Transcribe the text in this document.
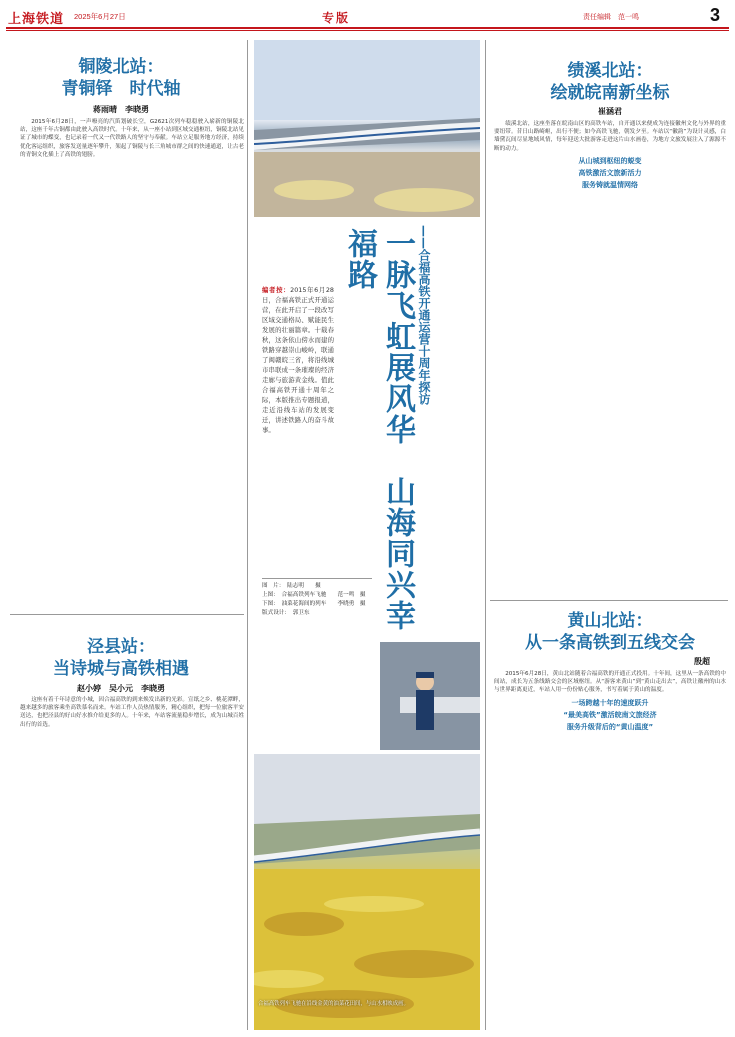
上海铁道	2025年6月27日	专版	责任编辑　范一鸣	3
铜陵北站：
青铜铎　时代轴
蒋雨晴　李晓勇

2015年6月28日，一声嘹亮的汽笛划破长空，G2621次列车稳稳驶入崭新的铜陵北站，这座千年古铜都由此驶入高铁时代。十年来，从一座小站到区域交通枢纽，铜陵北站见证了城市的蝶变，也记录着一代又一代铁路人的坚守与奉献。车站立足服务地方经济，持续优化客运组织，旅客发送量逐年攀升，架起了铜陵与长三角城市群之间的快速通道，让古老的青铜文化插上了高铁的翅膀。

泾县站：
当诗城与高铁相遇
赵小婷　吴小元　李晓勇

这座有着千年诗意的小城，因合福高铁的到来焕发出新的光彩。宣纸之乡、桃花潭畔，越来越多的旅客乘坐高铁慕名而来。车站工作人员热情服务，精心组织，把每一位旅客平安送达，也把泾县的好山好水推介给更多的人。十年来，车站客流量稳步增长，成为山城百姓出行的首选。

一脉飞虹展风华　山海同兴幸福路	——合福高铁开通运营十周年探访
编者按：2015年6月28日，合福高铁正式开通运营，在此开启了一段改写区域交通格局、赋能民生发展的壮丽篇章。十载春秋，这条依山傍水而建的铁路穿越崇山峻岭，联通了闽赣皖三省，将沿线城市串联成一条璀璨的经济走廊与旅游黄金线。值此合福高铁开通十周年之际，本版推出专题报道，走近沿线车站的发展变迁，讲述铁路人的奋斗故事。
图　片：　陆志明　　摄
上图：　合福高铁列车飞驰　　范一鸣　摄
下图：　油菜花海间的列车　　李晓勇　摄
版式设计：　郭卫东
合福高铁列车飞驰在沿线金黄的油菜花田间，与山水相映成画。
绩溪北站：
绘就皖南新坐标
崔涵君

绩溪北站，这座坐落在皖南山区的高铁车站，自开通以来便成为连接徽州文化与外界的重要纽带。昔日山路崎岖，出行不便；如今高铁飞驰，朝发夕至。车站以“徽韵”为设计灵感，白墙黛瓦间尽显地域风情，每年迎送大批游客走进这片山水画卷，为地方文旅发展注入了源源不断的动力。

从山城到枢纽的蜕变
高铁激活文旅新活力
服务铸就温情网络
黄山北站：
从一条高铁到五线交会
殷超

2015年6月28日，黄山北站随着合福高铁的开通正式投用。十年间，这里从一条高铁的中间站，成长为五条线路交会的区域枢纽。从“游客来黄山”到“黄山走出去”，高铁让徽州的山水与世界距离更近，车站人用一份份贴心服务，书写着属于黄山的温度。

一场跨越十年的速度跃升
“最美高铁”激活皖南文旅经济
服务升级背后的“黄山温度”
